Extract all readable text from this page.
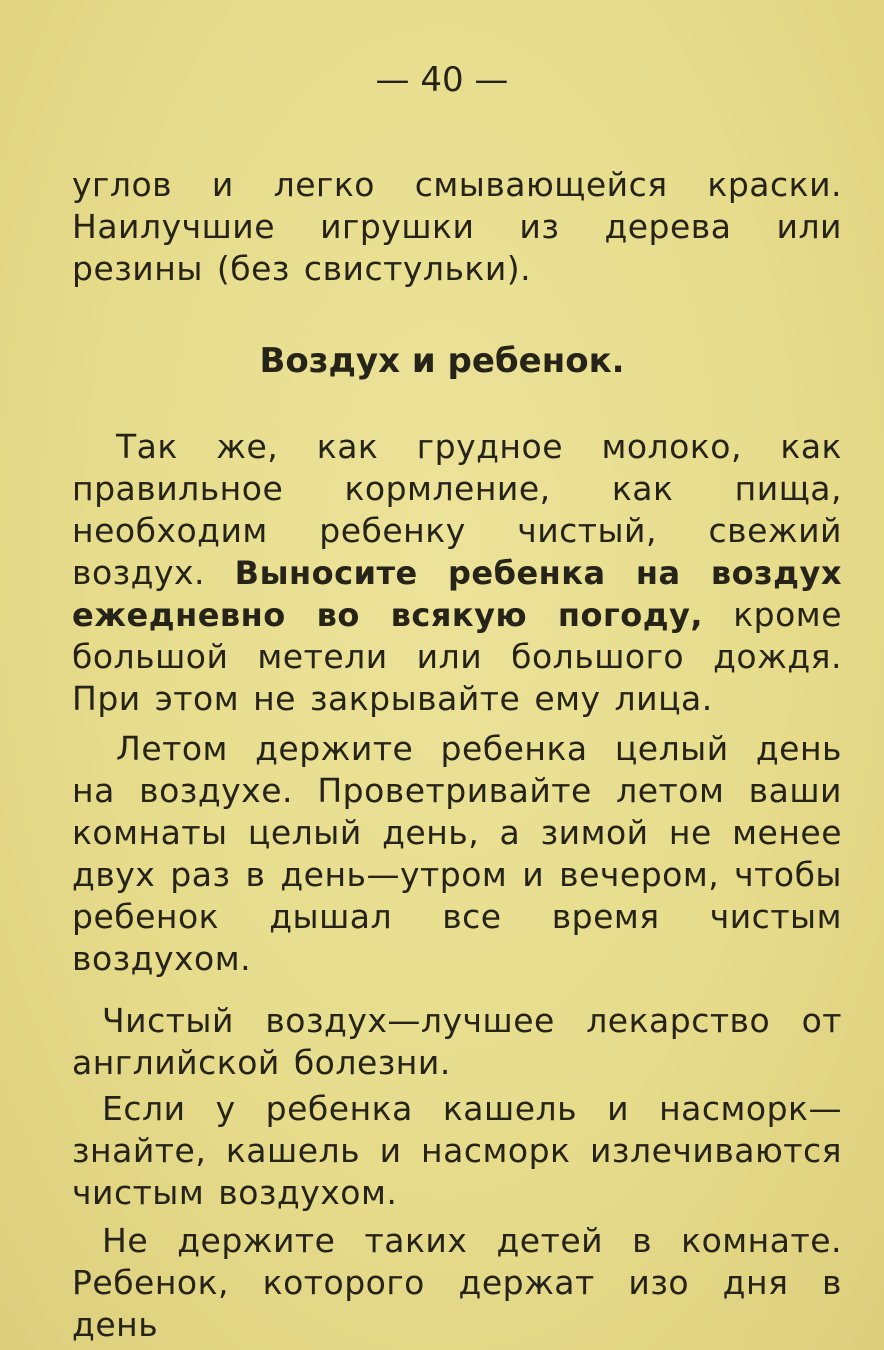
— 40 —

углов и легко смывающейся краски. Наилучшие игрушки из дерева или резины (без свистульки).

Воздух и ребенок.

Так же, как грудное молоко, как правильное кормление, как пища, необходим ребенку чистый, свежий воздух. Выносите ребенка на воздух ежедневно во всякую погоду, кроме большой метели или большого дождя. При этом не закрывайте ему лица.

Летом держите ребенка целый день на воздухе. Проветривайте летом ваши комнаты целый день, а зимой не менее двух раз в день—утром и вечером, чтобы ребенок дышал все время чистым воздухом.

Чистый воздух—лучшее лекарство от английской болезни.

Если у ребенка кашель и насморк— знайте, кашель и насморк излечиваются чистым воздухом.

Не держите таких детей в комнате. Ребенок, которого держат изо дня в день
